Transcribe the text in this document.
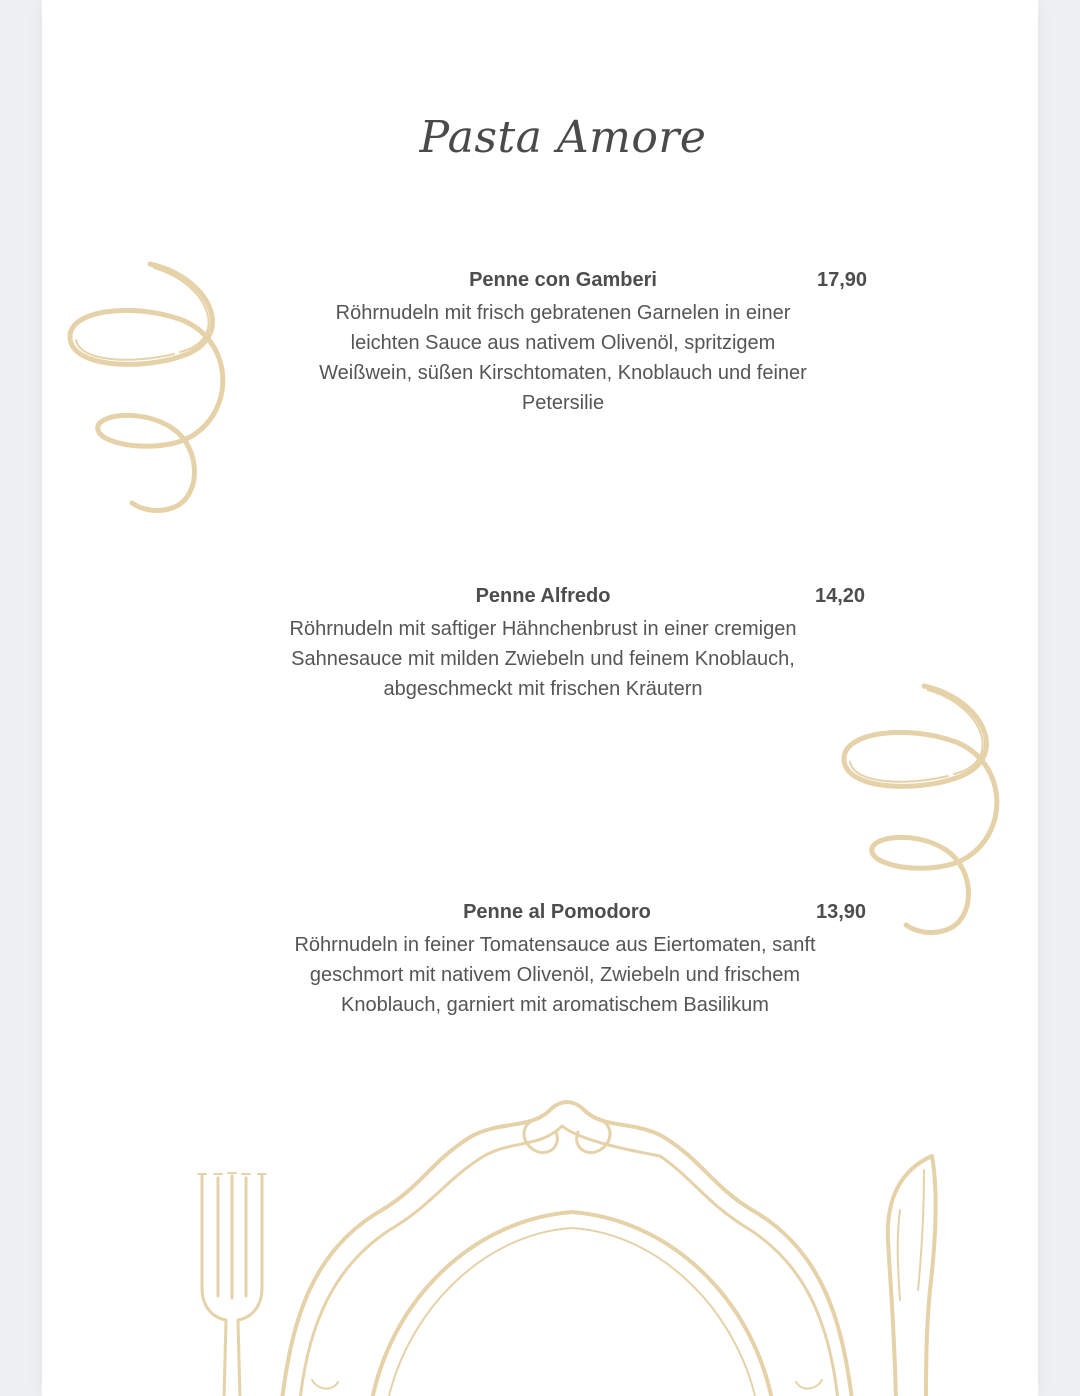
Pasta Amore
Penne con Gamberi	17,90
Röhrnudeln mit frisch gebratenen Garnelen in einer leichten Sauce aus nativem Olivenöl, spritzigem Weißwein, süßen Kirschtomaten, Knoblauch und feiner Petersilie
Penne Alfredo	14,20
Röhrnudeln mit saftiger Hähnchenbrust in einer cremigen Sahnesauce mit milden Zwiebeln und feinem Knoblauch, abgeschmeckt mit frischen Kräutern
Penne al Pomodoro	13,90
Röhrnudeln in feiner Tomatensauce aus Eiertomaten, sanft geschmort mit nativem Olivenöl, Zwiebeln und frischem Knoblauch, garniert mit aromatischem Basilikum
